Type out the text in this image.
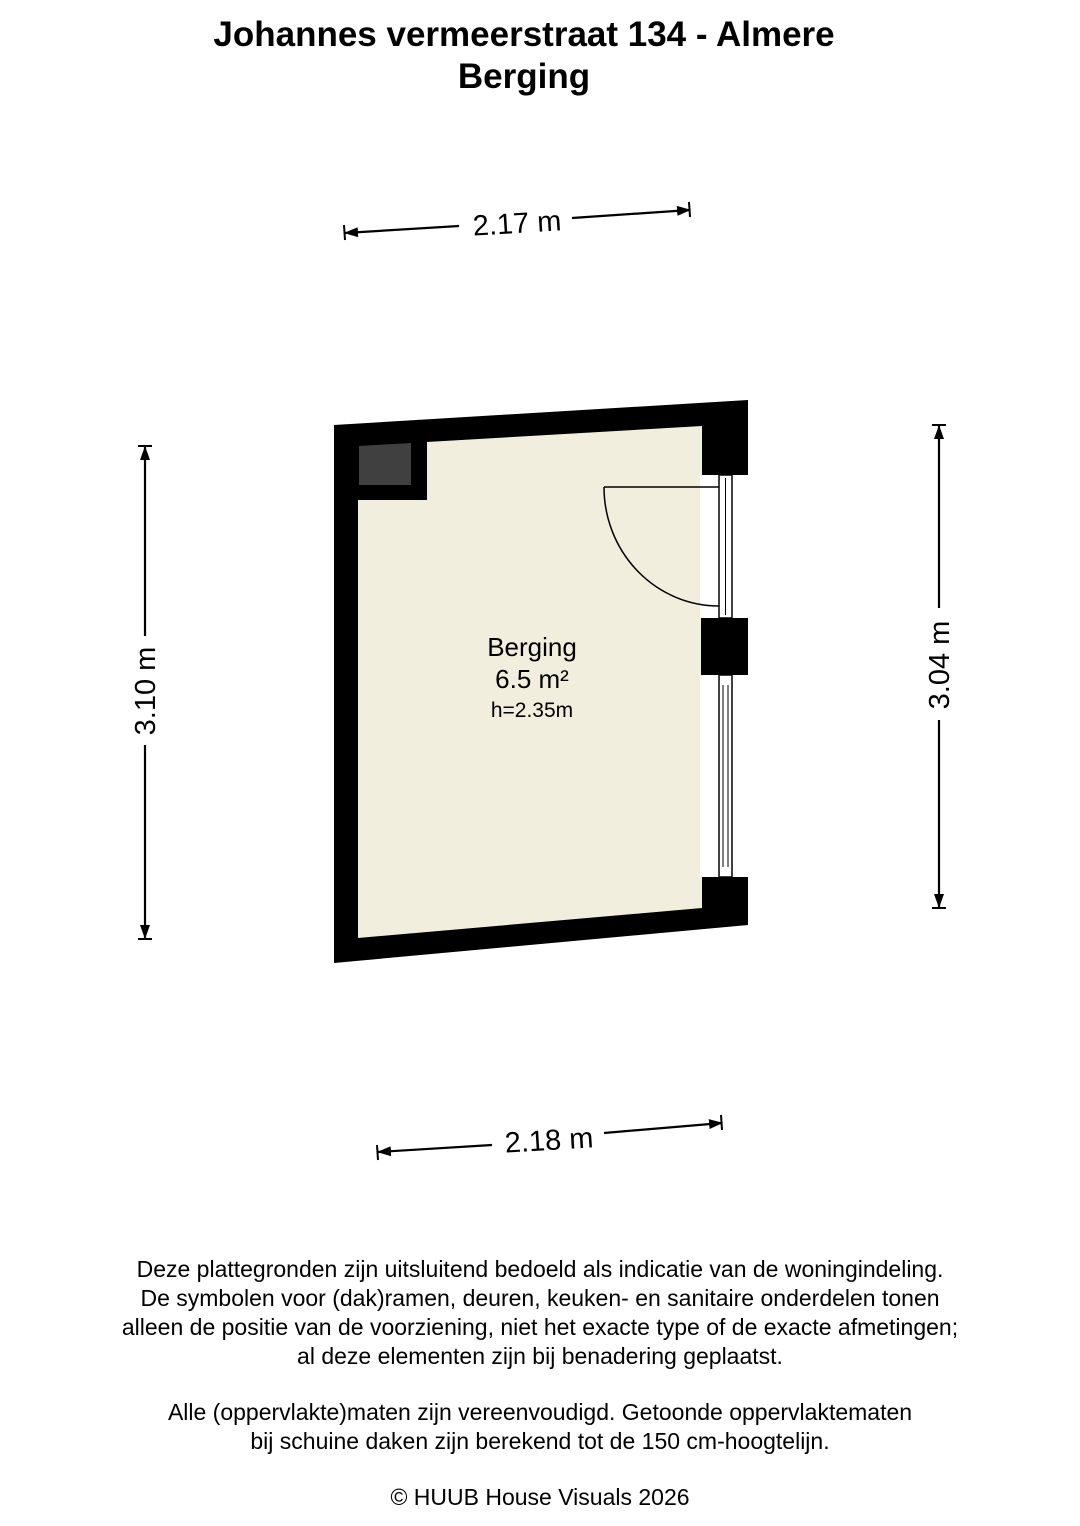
Johannes vermeerstraat 134 - Almere
Berging
2.17 m
2.18 m
3.10 m	3.04 m
Berging
6.5 m²
h=2.35m

Deze plattegronden zijn uitsluitend bedoeld als indicatie van de woningindeling.
De symbolen voor (dak)ramen, deuren, keuken- en sanitaire onderdelen tonen
alleen de positie van de voorziening, niet het exacte type of de exacte afmetingen;
al deze elementen zijn bij benadering geplaatst.

Alle (oppervlakte)maten zijn vereenvoudigd. Getoonde oppervlaktematen
bij schuine daken zijn berekend tot de 150 cm-hoogtelijn.

© HUUB House Visuals 2026
